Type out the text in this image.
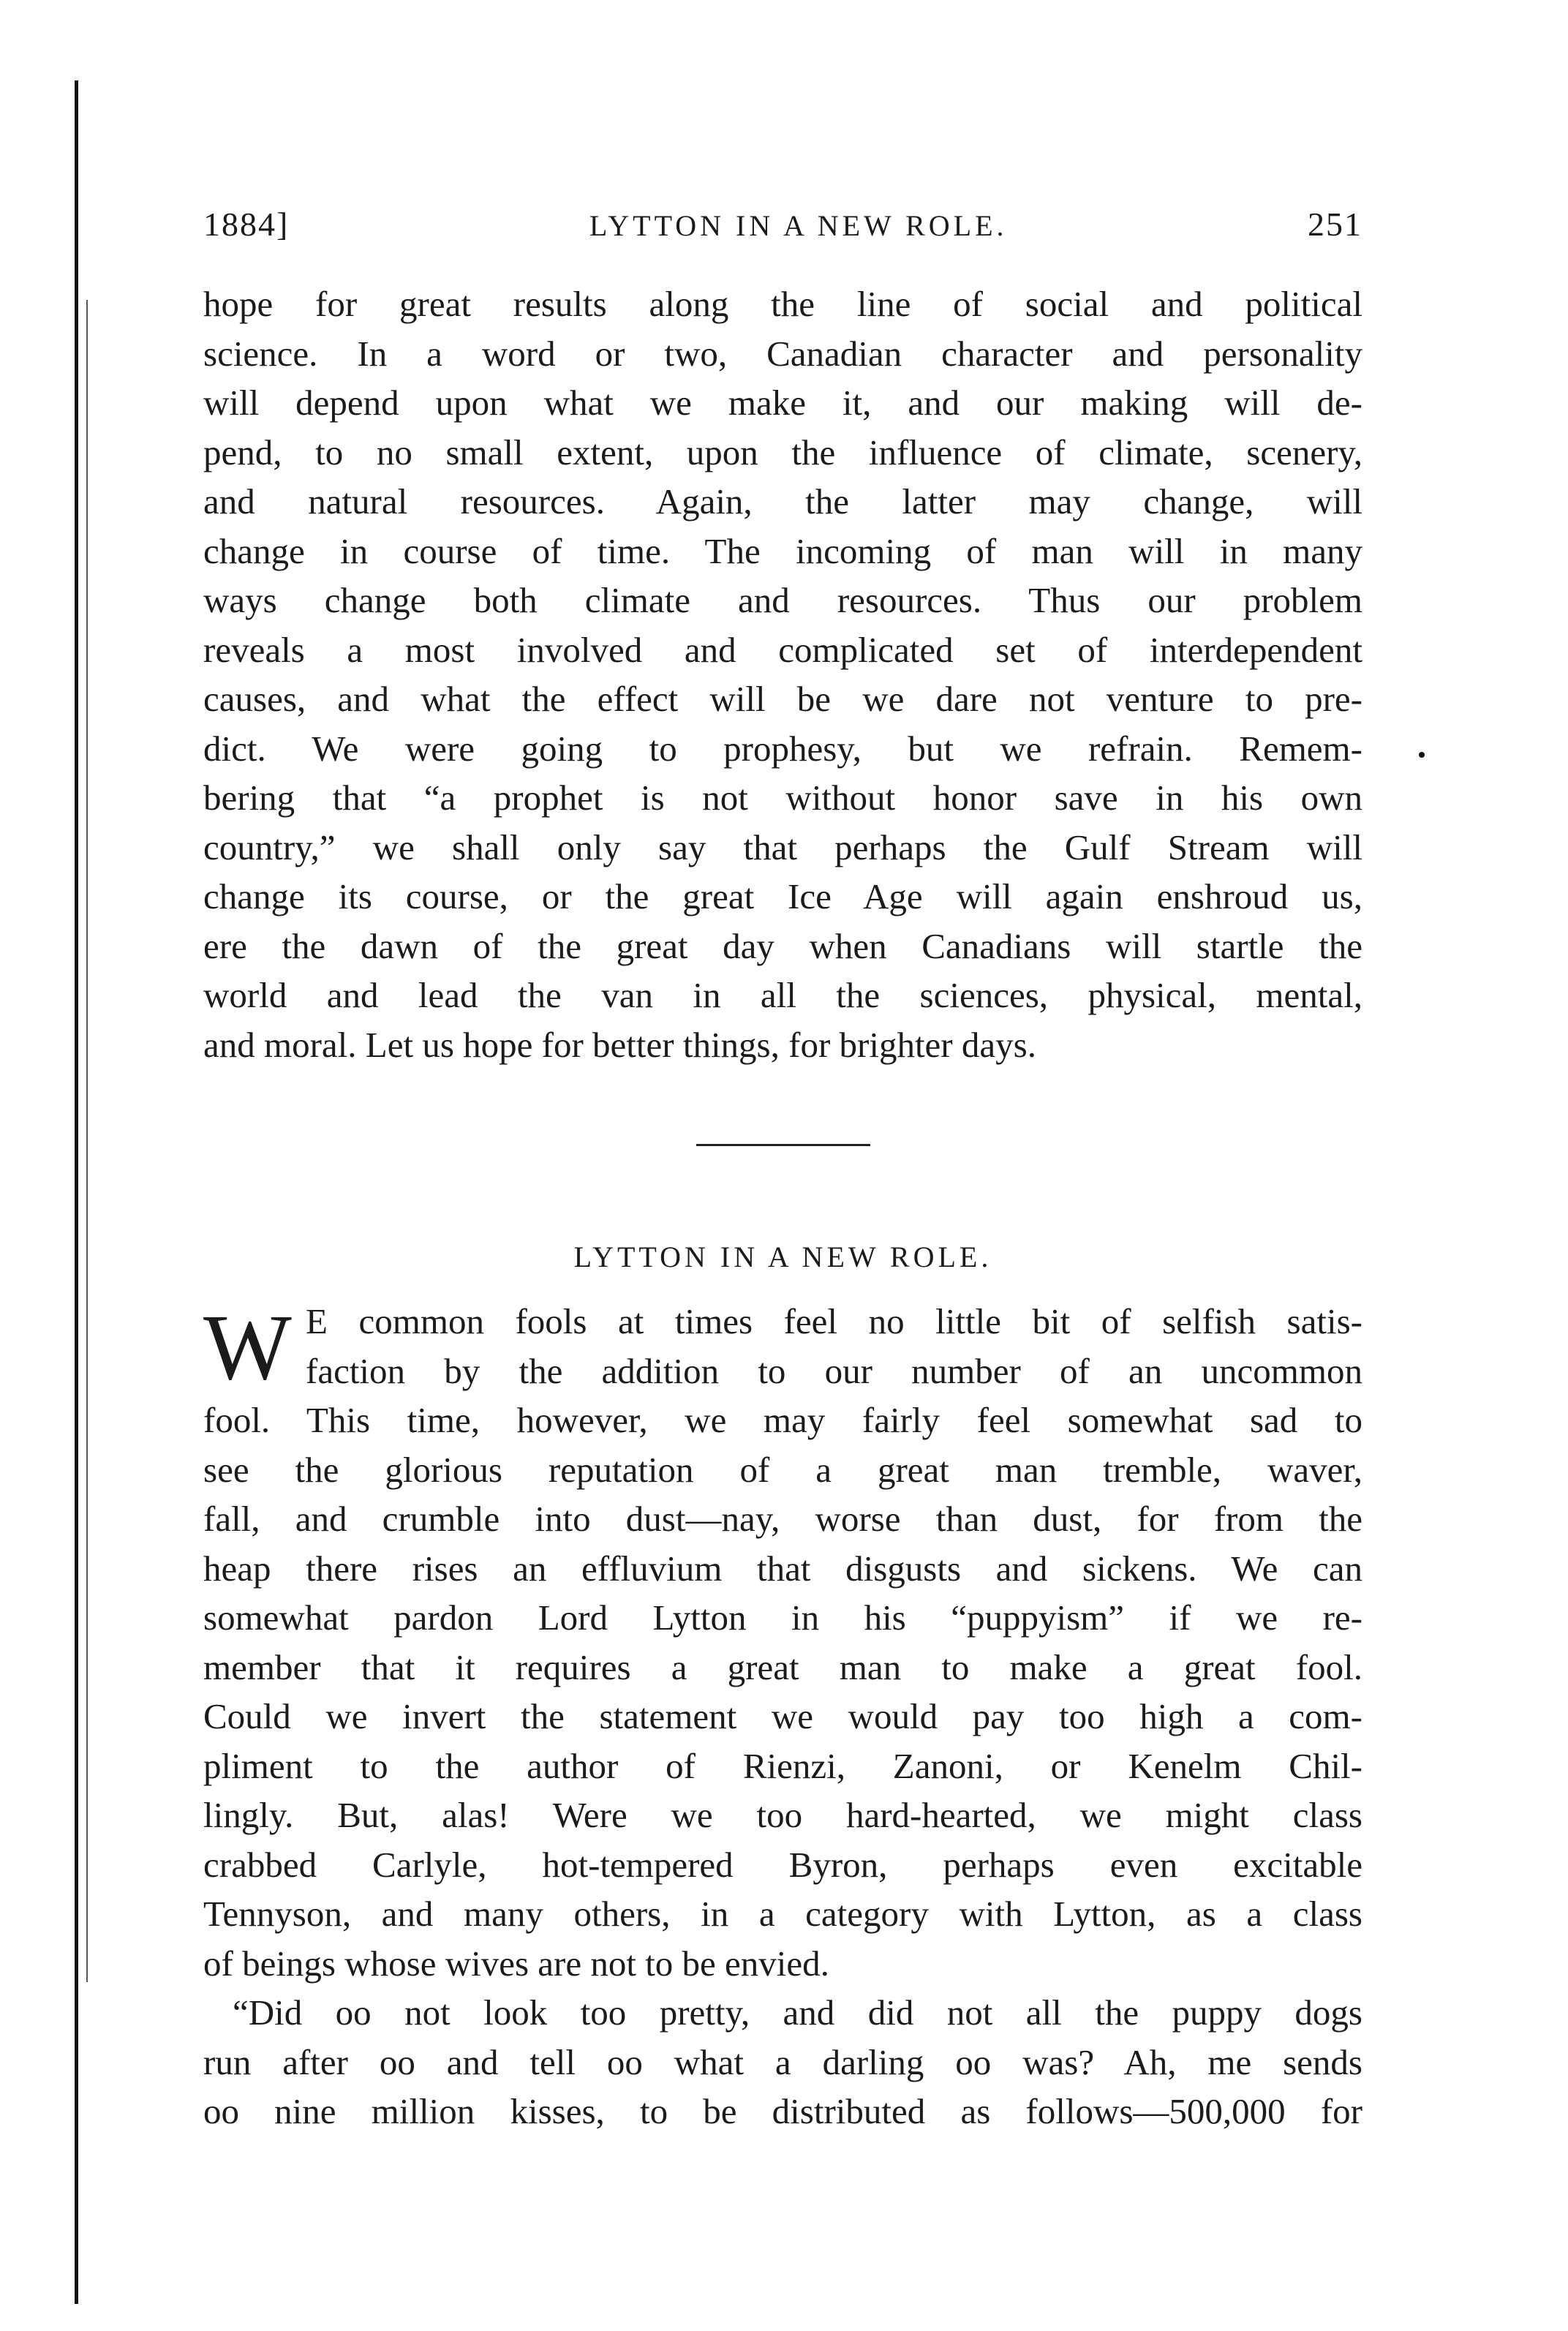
1884]	LYTTON IN A NEW ROLE.	251

hope for great results along the line of social and political
science. In a word or two, Canadian character and personality
will depend upon what we make it, and our making will de-
pend, to no small extent, upon the influence of climate, scenery,
and natural resources. Again, the latter may change, will
change in course of time. The incoming of man will in many
ways change both climate and resources. Thus our problem
reveals a most involved and complicated set of interdependent
causes, and what the effect will be we dare not venture to pre-
dict. We were going to prophesy, but we refrain. Remem-
bering that “a prophet is not without honor save in his own
country,” we shall only say that perhaps the Gulf Stream will
change its course, or the great Ice Age will again enshroud us,
ere the dawn of the great day when Canadians will startle the
world and lead the van in all the sciences, physical, mental,
and moral. Let us hope for better things, for brighter days.

LYTTON IN A NEW ROLE.
W E common fools at times feel no little bit of selfish satis-
faction by the addition to our number of an uncommon
fool. This time, however, we may fairly feel somewhat sad to
see the glorious reputation of a great man tremble, waver,
fall, and crumble into dust—nay, worse than dust, for from the
heap there rises an effluvium that disgusts and sickens. We can
somewhat pardon Lord Lytton in his “puppyism” if we re-
member that it requires a great man to make a great fool.
Could we invert the statement we would pay too high a com-
pliment to the author of Rienzi, Zanoni, or Kenelm Chil-
lingly. But, alas! Were we too hard-hearted, we might class
crabbed Carlyle, hot-tempered Byron, perhaps even excitable
Tennyson, and many others, in a category with Lytton, as a class
of beings whose wives are not to be envied.
“Did oo not look too pretty, and did not all the puppy dogs
run after oo and tell oo what a darling oo was? Ah, me sends
oo nine million kisses, to be distributed as follows—500,000 for
